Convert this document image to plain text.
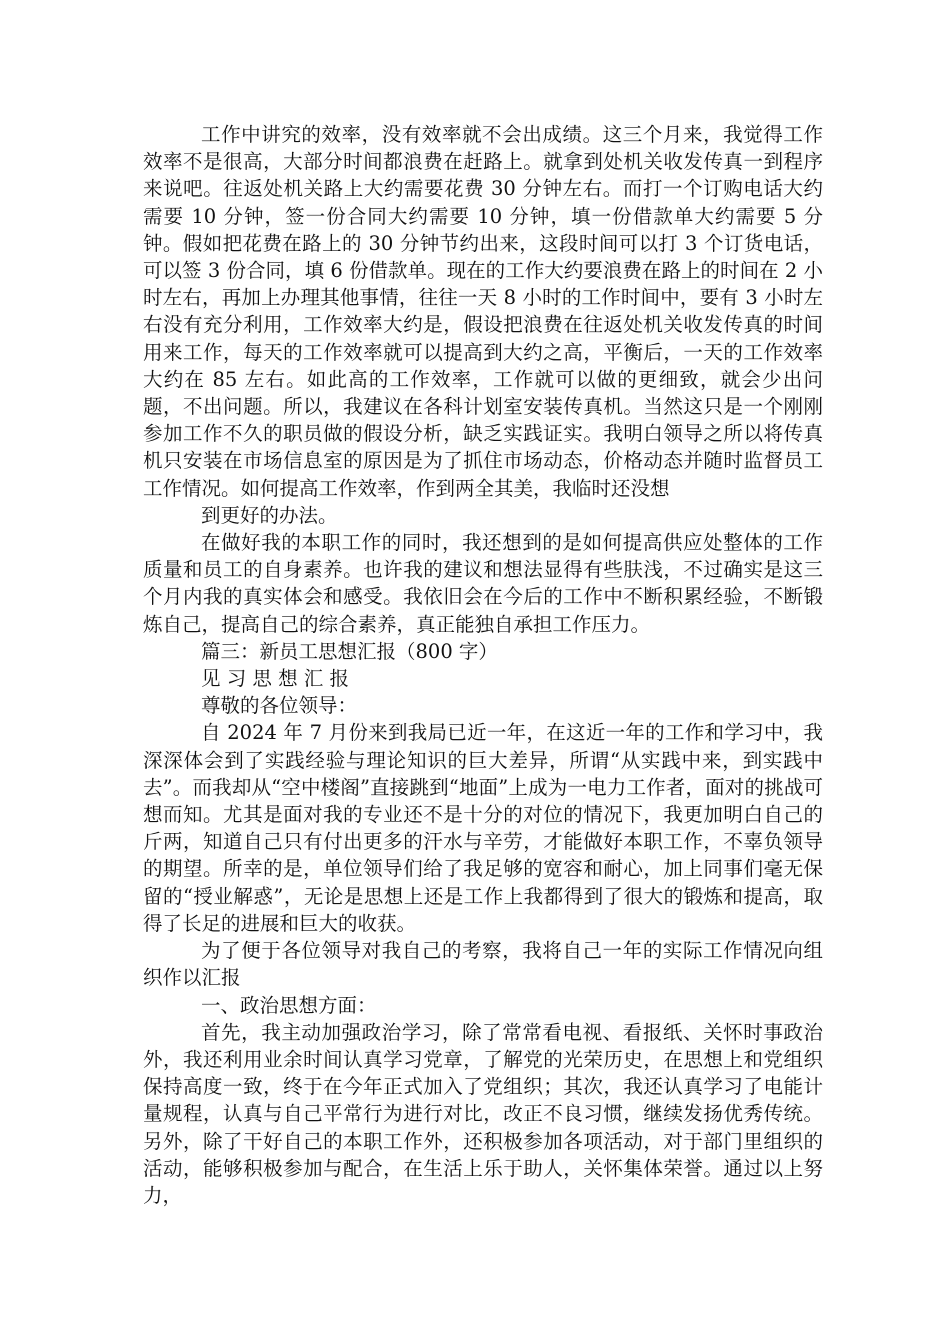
工作中讲究的效率，没有效率就不会出成绩。这三个月来，我觉得工作效率不是很高，大部分时间都浪费在赶路上。就拿到处机关收发传真一到程序来说吧。往返处机关路上大约需要花费 30 分钟左右。而打一个订购电话大约需要 10 分钟，签一份合同大约需要 10 分钟，填一份借款单大约需要 5 分钟。假如把花费在路上的 30 分钟节约出来，这段时间可以打 3 个订货电话，可以签 3 份合同，填 6 份借款单。现在的工作大约要浪费在路上的时间在 2 小时左右，再加上办理其他事情，往往一天 8 小时的工作时间中，要有 3 小时左右没有充分利用，工作效率大约是，假设把浪费在往返处机关收发传真的时间用来工作，每天的工作效率就可以提高到大约之高，平衡后，一天的工作效率大约在 85 左右。如此高的工作效率，工作就可以做的更细致，就会少出问题，不出问题。所以，我建议在各科计划室安装传真机。当然这只是一个刚刚参加工作不久的职员做的假设分析，缺乏实践证实。我明白领导之所以将传真机只安装在市场信息室的原因是为了抓住市场动态，价格动态并随时监督员工工作情况。如何提高工作效率，作到两全其美，我临时还没想

到更好的办法。

在做好我的本职工作的同时，我还想到的是如何提高供应处整体的工作质量和员工的自身素养。也许我的建议和想法显得有些肤浅，不过确实是这三个月内我的真实体会和感受。我依旧会在今后的工作中不断积累经验，不断锻炼自己，提高自己的综合素养，真正能独自承担工作压力。

篇三：新员工思想汇报（800 字）

见 习 思 想 汇 报

尊敬的各位领导：

自 2024 年 7 月份来到我局已近一年，在这近一年的工作和学习中，我深深体会到了实践经验与理论知识的巨大差异，所谓“从实践中来，到实践中去”。而我却从“空中楼阁”直接跳到“地面”上成为一电力工作者，面对的挑战可想而知。尤其是面对我的专业还不是十分的对位的情况下，我更加明白自己的斤两，知道自己只有付出更多的汗水与辛劳，才能做好本职工作，不辜负领导的期望。所幸的是，单位领导们给了我足够的宽容和耐心，加上同事们毫无保留的“授业解惑”，无论是思想上还是工作上我都得到了很大的锻炼和提高，取得了长足的进展和巨大的收获。

为了便于各位领导对我自己的考察，我将自己一年的实际工作情况向组织作以汇报

一、政治思想方面：

首先，我主动加强政治学习，除了常常看电视、看报纸、关怀时事政治外，我还利用业余时间认真学习党章，了解党的光荣历史，在思想上和党组织保持高度一致，终于在今年正式加入了党组织；其次，我还认真学习了电能计量规程，认真与自己平常行为进行对比，改正不良习惯，继续发扬优秀传统。另外，除了干好自己的本职工作外，还积极参加各项活动，对于部门里组织的活动，能够积极参加与配合，在生活上乐于助人，关怀集体荣誉。通过以上努力，
